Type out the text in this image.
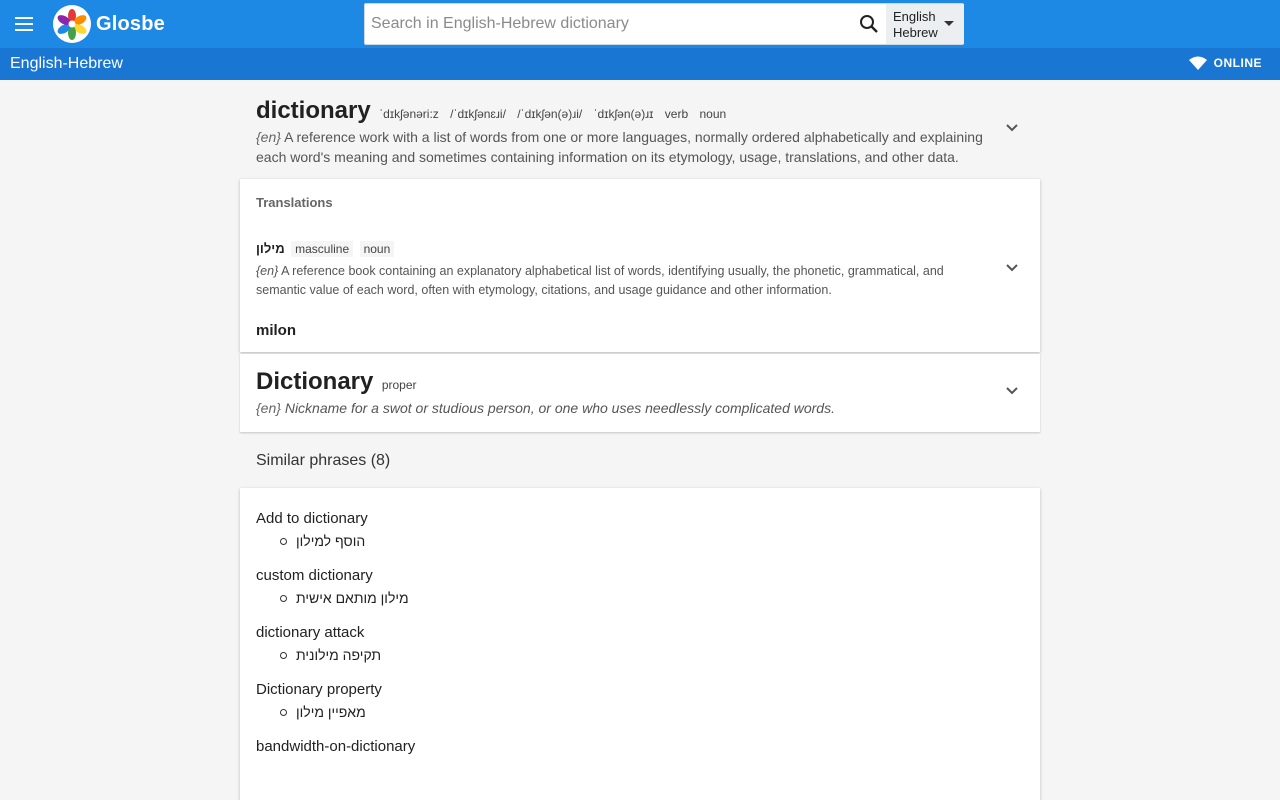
Glosbe
Search in English-Hebrew dictionary	English
Hebrew
English-Hebrew	ONLINE
dictionary ˈdɪkʃənəri:z /ˈdɪkʃənɛɹi/ /ˈdɪkʃən(ə)ɹi/ ˈdɪkʃən(ə)ɹɪ verb noun
{en} A reference work with a list of words from one or more languages, normally ordered alphabetically and explaining each word's meaning and sometimes containing information on its etymology, usage, translations, and other data.
Translations
מילון masculine noun
{en} A reference book containing an explanatory alphabetical list of words, identifying usually, the phonetic, grammatical, and semantic value of each word, often with etymology, citations, and usage guidance and other information.
milon
Dictionary proper
{en} Nickname for a swot or studious person, or one who uses needlessly complicated words.
Similar phrases (8)
Add to dictionary
הוסף למילון
custom dictionary
מילון מותאם אישית
dictionary attack
תקיפה מילונית
Dictionary property
מאפיין מילון
bandwidth-on-dictionary
